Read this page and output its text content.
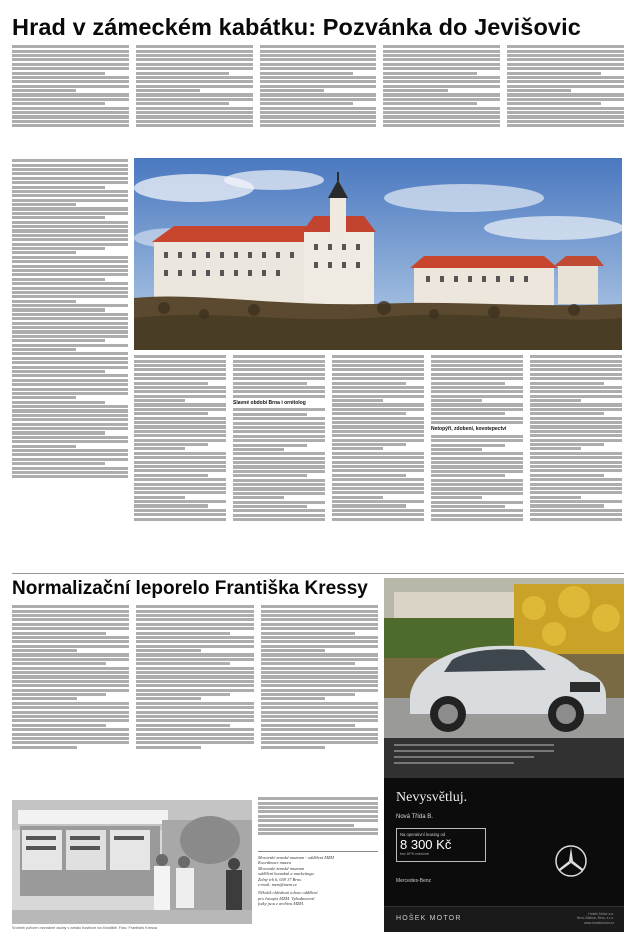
Hrad v zámeckém kabátku: Pozvánka do Jevišovic
Slavné období Brna i ornitolog
Netopýři, zdobení, kovotepectví
Normalizační leporelo Františka Kressy
Snímek pořízen neznámé osoby v areálu hostince na Mostiště. Foto: František Kressa
Moravské zemské muzeum - oddělení MZM
Koordinace muzea
Moravské zemské muzeum
oddělení kontaktů a marketingu
Zelný trh 6, 659 37 Brno
e-mail: mzm@mzm.cz
Několik ohlédnutí tohoto oddělení
pro časopis MZM. Vyhodnocené
fotky jsou z archivu MZM.
Nevysvětluj.
Nová Třída B.
Na operativní leasing od
8 300 Kč
bez DPH měsíčně
Mercedes-Benz
HOŠEK MOTOR
Hošek Motor a.s.
Brno-Slatina, Brno, s.r.o.
www.hosekmotor.cz
